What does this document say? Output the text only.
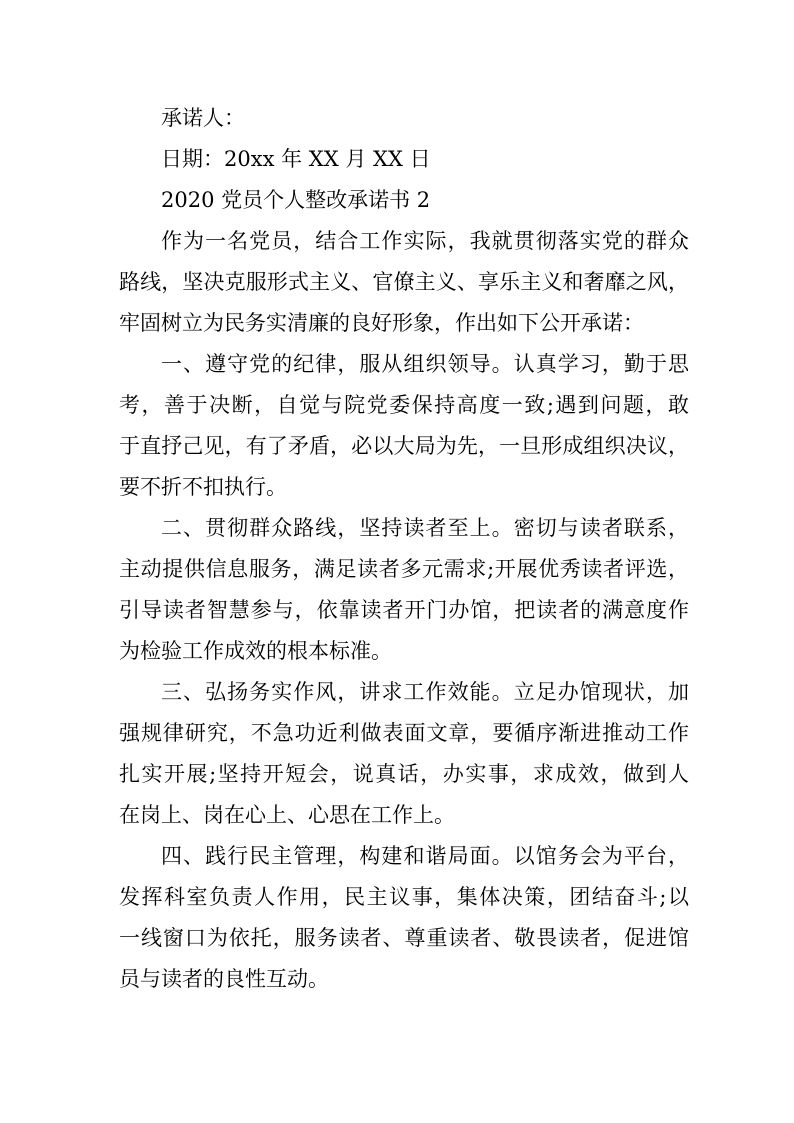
承诺人：

日期：20xx 年 XX 月 XX 日

2020 党员个人整改承诺书 2

作为一名党员，结合工作实际，我就贯彻落实党的群众
路线，坚决克服形式主义、官僚主义、享乐主义和奢靡之风，
牢固树立为民务实清廉的良好形象，作出如下公开承诺：
一、遵守党的纪律，服从组织领导。认真学习，勤于思
考，善于决断，自觉与院党委保持高度一致;遇到问题，敢
于直抒己见，有了矛盾，必以大局为先，一旦形成组织决议，
要不折不扣执行。
二、贯彻群众路线，坚持读者至上。密切与读者联系，
主动提供信息服务，满足读者多元需求;开展优秀读者评选，
引导读者智慧参与，依靠读者开门办馆，把读者的满意度作
为检验工作成效的根本标准。
三、弘扬务实作风，讲求工作效能。立足办馆现状，加
强规律研究，不急功近利做表面文章，要循序渐进推动工作
扎实开展;坚持开短会，说真话，办实事，求成效，做到人
在岗上、岗在心上、心思在工作上。
四、践行民主管理，构建和谐局面。以馆务会为平台，
发挥科室负责人作用，民主议事，集体决策，团结奋斗;以
一线窗口为依托，服务读者、尊重读者、敬畏读者，促进馆
员与读者的良性互动。
